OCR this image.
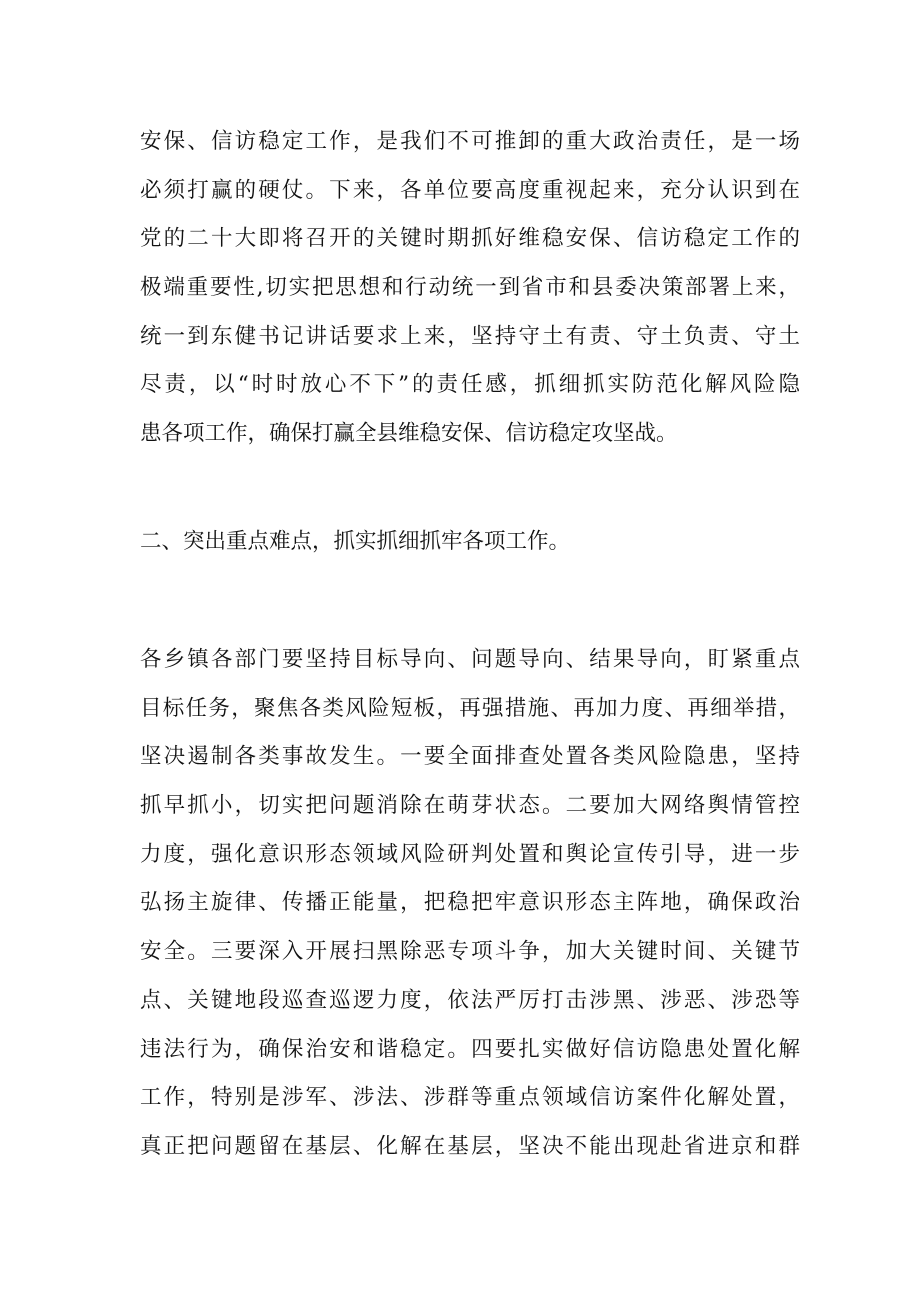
安保、信访稳定工作，是我们不可推卸的重大政治责任，是一场
必须打赢的硬仗。下来，各单位要高度重视起来，充分认识到在
党的二十大即将召开的关键时期抓好维稳安保、信访稳定工作的
极端重要性,切实把思想和行动统一到省市和县委决策部署上来，
统一到东健书记讲话要求上来，坚持守土有责、守土负责、守土
尽责，以“时时放心不下”的责任感，抓细抓实防范化解风险隐
患各项工作，确保打赢全县维稳安保、信访稳定攻坚战。
二、突出重点难点，抓实抓细抓牢各项工作。
各乡镇各部门要坚持目标导向、问题导向、结果导向，盯紧重点
目标任务，聚焦各类风险短板，再强措施、再加力度、再细举措，
坚决遏制各类事故发生。一要全面排查处置各类风险隐患，坚持
抓早抓小，切实把问题消除在萌芽状态。二要加大网络舆情管控
力度，强化意识形态领域风险研判处置和舆论宣传引导，进一步
弘扬主旋律、传播正能量，把稳把牢意识形态主阵地，确保政治
安全。三要深入开展扫黑除恶专项斗争，加大关键时间、关键节
点、关键地段巡查巡逻力度，依法严厉打击涉黑、涉恶、涉恐等
违法行为，确保治安和谐稳定。四要扎实做好信访隐患处置化解
工作，特别是涉军、涉法、涉群等重点领域信访案件化解处置，
真正把问题留在基层、化解在基层，坚决不能出现赴省进京和群
